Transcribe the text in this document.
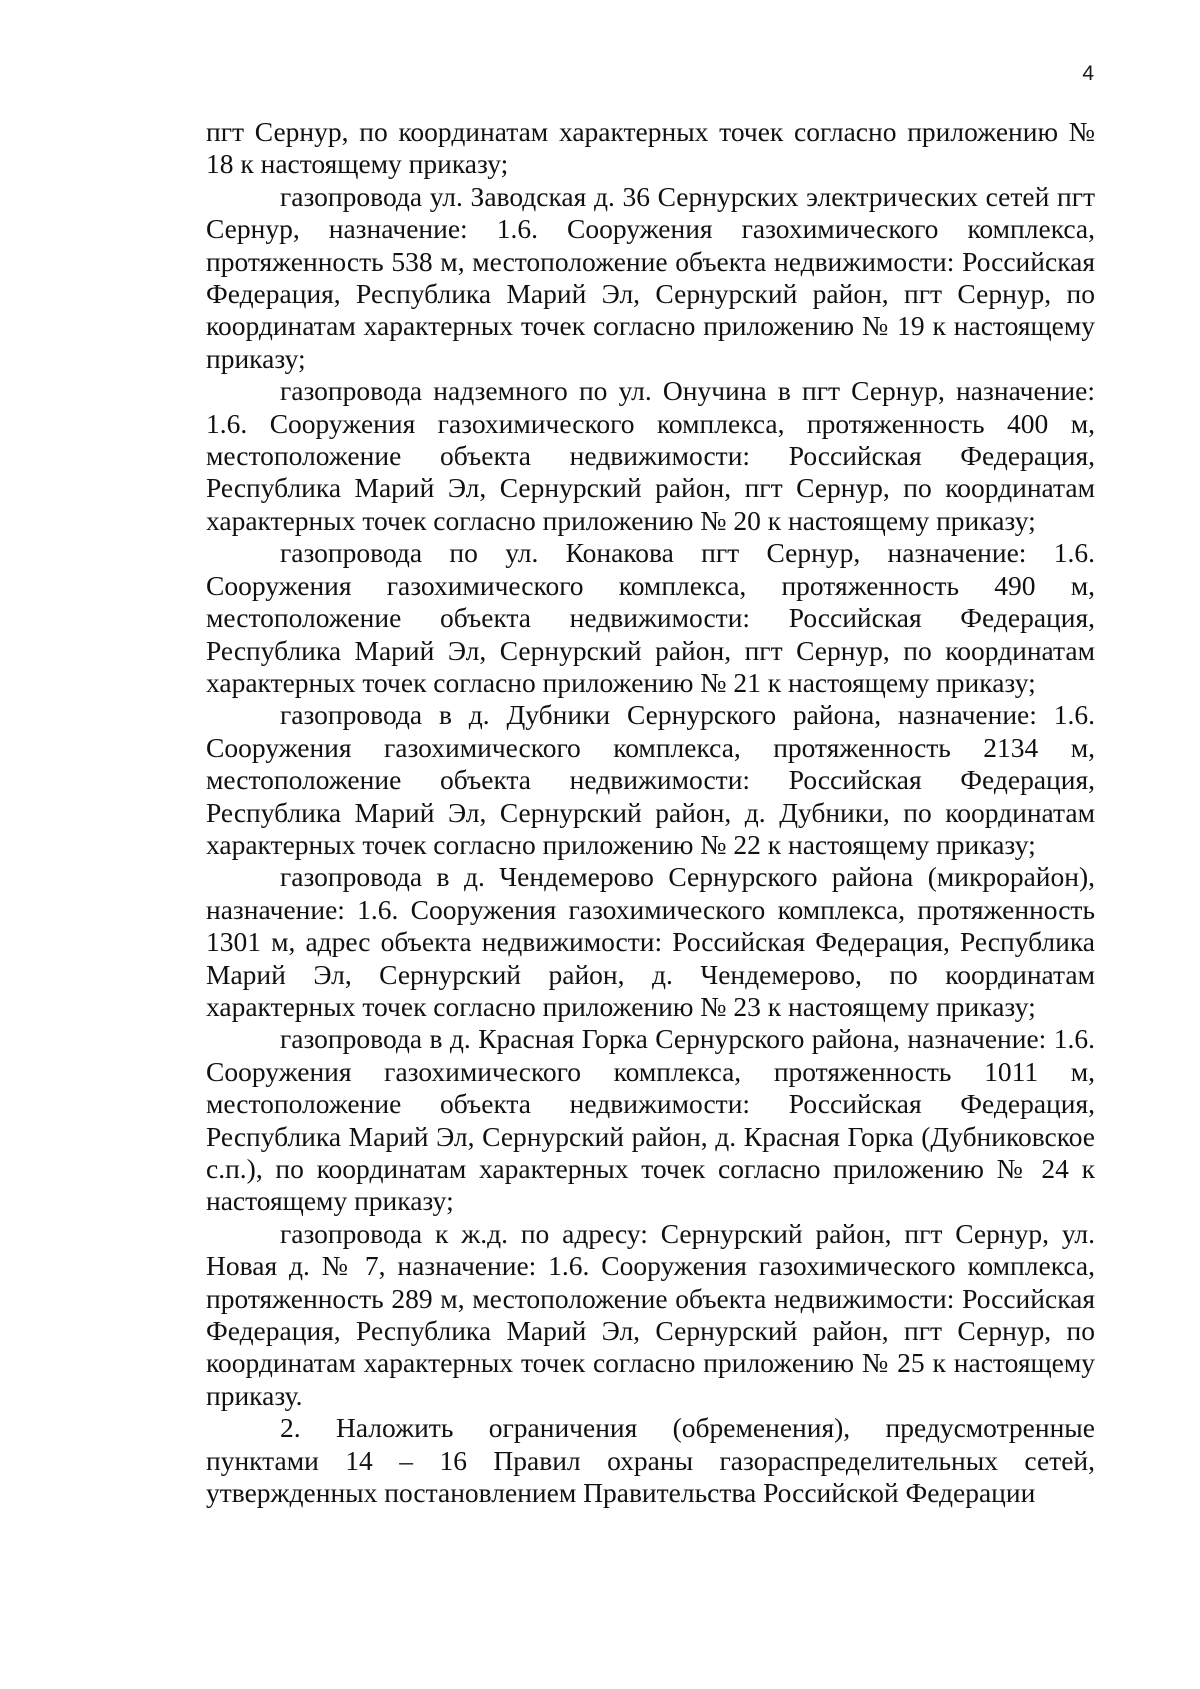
4

пгт Сернур, по координатам характерных точек согласно приложению № 18 к настоящему приказу;

газопровода ул. Заводская д. 36 Сернурских электрических сетей пгт Сернур, назначение: 1.6. Сооружения газохимического комплекса, протяженность 538 м, местоположение объекта недвижимости: Российская Федерация, Республика Марий Эл, Сернурский район, пгт Сернур, по координатам характерных точек согласно приложению № 19 к настоящему приказу;

газопровода надземного по ул. Онучина в пгт Сернур, назначение: 1.6. Сооружения газохимического комплекса, протяженность 400 м, местоположение объекта недвижимости: Российская Федерация, Республика Марий Эл, Сернурский район, пгт Сернур, по координатам характерных точек согласно приложению № 20 к настоящему приказу;

газопровода по ул. Конакова пгт Сернур, назначение: 1.6. Сооружения газохимического комплекса, протяженность 490 м, местоположение объекта недвижимости: Российская Федерация, Республика Марий Эл, Сернурский район, пгт Сернур, по координатам характерных точек согласно приложению № 21 к настоящему приказу;

газопровода в д. Дубники Сернурского района, назначение: 1.6. Сооружения газохимического комплекса, протяженность 2134 м, местоположение объекта недвижимости: Российская Федерация, Республика Марий Эл, Сернурский район, д. Дубники, по координатам характерных точек согласно приложению № 22 к настоящему приказу;

газопровода в д. Чендемерово Сернурского района (микрорайон), назначение: 1.6. Сооружения газохимического комплекса, протяженность 1301 м, адрес объекта недвижимости: Российская Федерация, Республика Марий Эл, Сернурский район, д. Чендемерово, по координатам характерных точек согласно приложению № 23 к настоящему приказу;

газопровода в д. Красная Горка Сернурского района, назначение: 1.6. Сооружения газохимического комплекса, протяженность 1011 м, местоположение объекта недвижимости: Российская Федерация, Республика Марий Эл, Сернурский район, д. Красная Горка (Дубниковское с.п.), по координатам характерных точек согласно приложению № 24 к настоящему приказу;

газопровода к ж.д. по адресу: Сернурский район, пгт Сернур, ул. Новая д. № 7, назначение: 1.6. Сооружения газохимического комплекса, протяженность 289 м, местоположение объекта недвижимости: Российская Федерация, Республика Марий Эл, Сернурский район, пгт Сернур, по координатам характерных точек согласно приложению № 25 к настоящему приказу.

2. Наложить ограничения (обременения), предусмотренные пунктами 14 – 16 Правил охраны газораспределительных сетей, утвержденных постановлением Правительства Российской Федерации
